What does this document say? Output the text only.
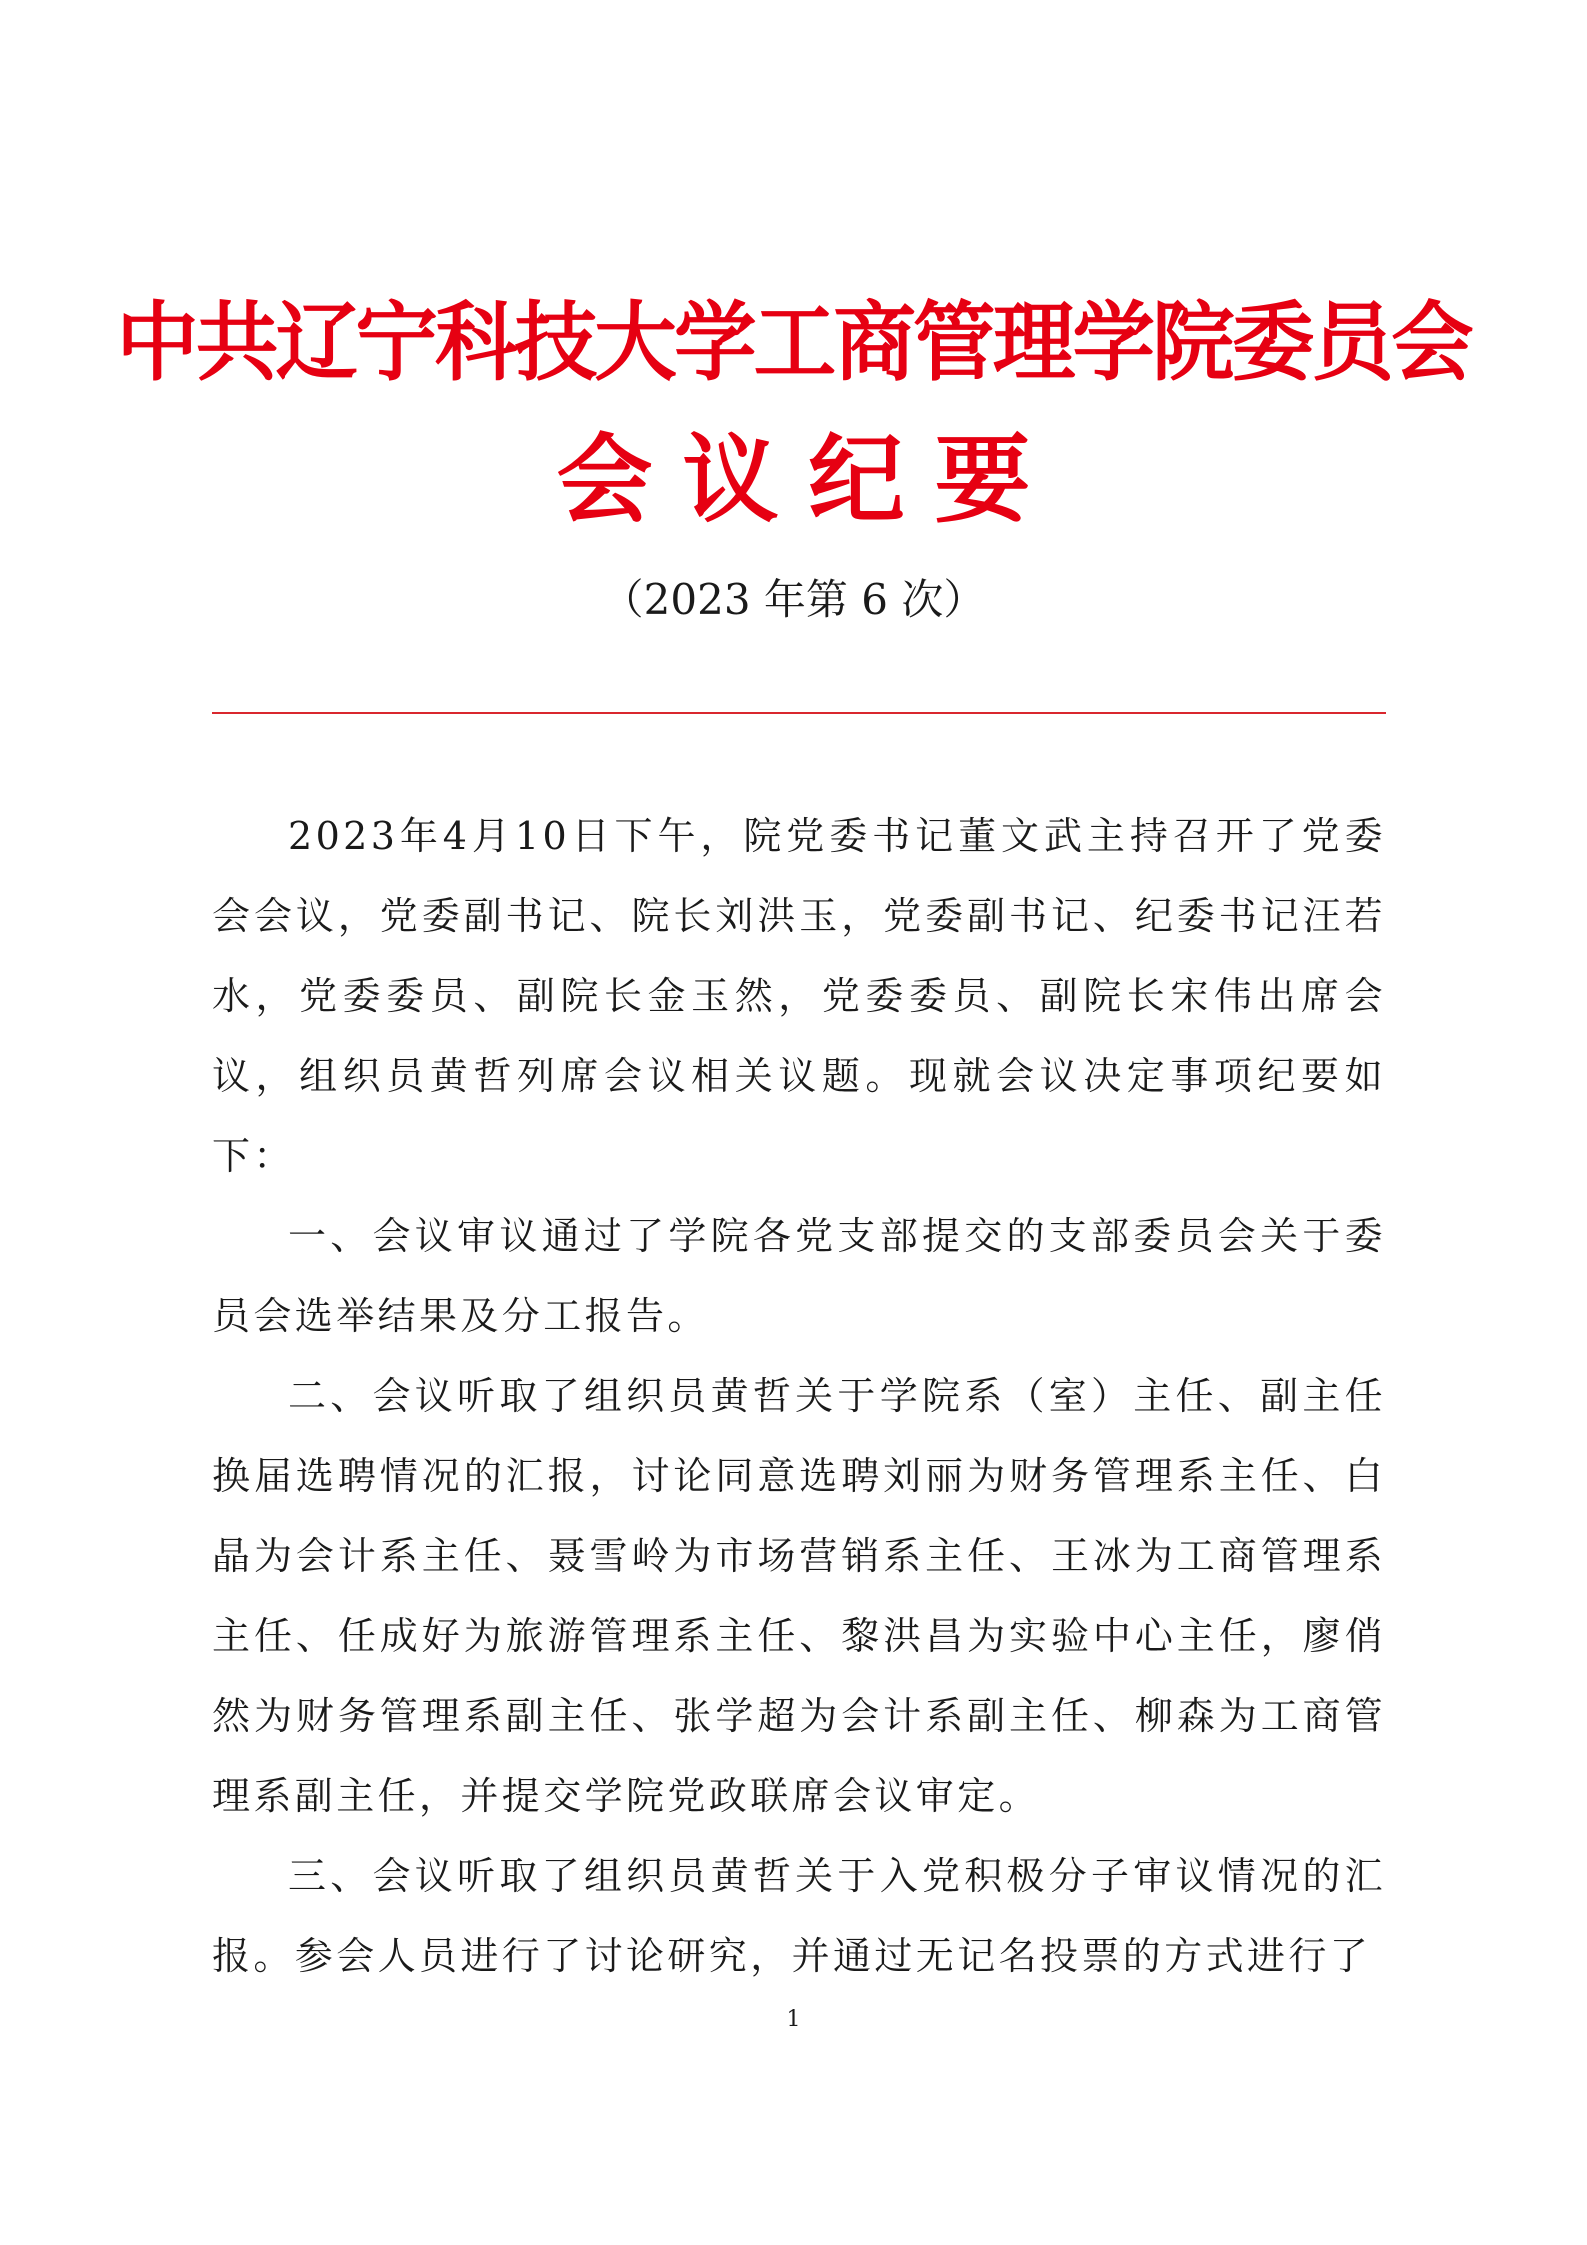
中共辽宁科技大学工商管理学院委员会
会议纪要
（2023 年第 6 次）

2023年4月10日下午，院党委书记董文武主持召开了党委会会议，党委副书记、院长刘洪玉，党委副书记、纪委书记汪若水，党委委员、副院长金玉然，党委委员、副院长宋伟出席会议，组织员黄哲列席会议相关议题。现就会议决定事项纪要如下：

一、会议审议通过了学院各党支部提交的支部委员会关于委员会选举结果及分工报告。

二、会议听取了组织员黄哲关于学院系（室）主任、副主任换届选聘情况的汇报，讨论同意选聘刘丽为财务管理系主任、白晶为会计系主任、聂雪岭为市场营销系主任、王冰为工商管理系主任、任成好为旅游管理系主任、黎洪昌为实验中心主任，廖俏然为财务管理系副主任、张学超为会计系副主任、柳森为工商管理系副主任，并提交学院党政联席会议审定。

三、会议听取了组织员黄哲关于入党积极分子审议情况的汇报。参会人员进行了讨论研究，并通过无记名投票的方式进行了

1
